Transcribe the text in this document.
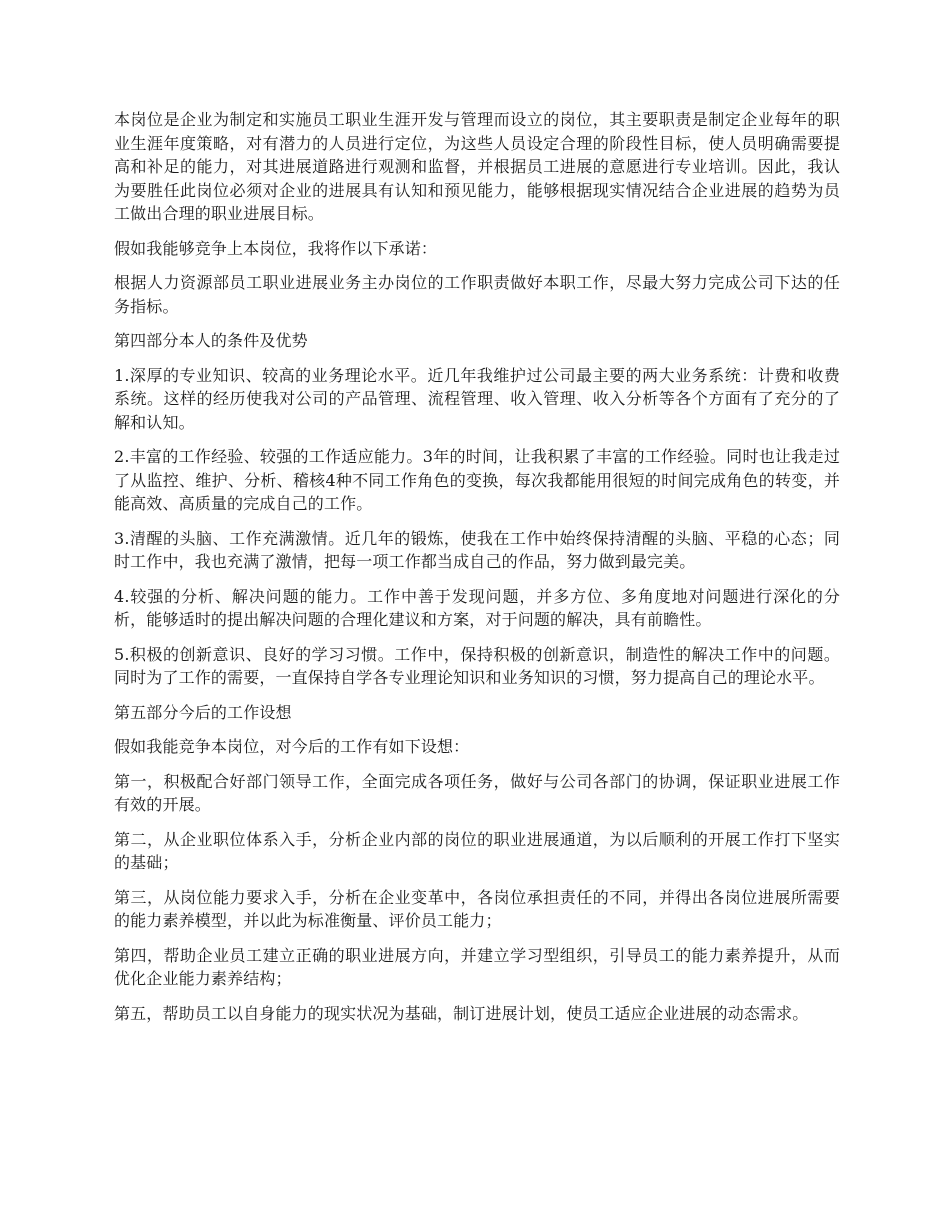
本岗位是企业为制定和实施员工职业生涯开发与管理而设立的岗位，其主要职责是制定企业每年的职业生涯年度策略，对有潜力的人员进行定位，为这些人员设定合理的阶段性目标，使人员明确需要提高和补足的能力，对其进展道路进行观测和监督，并根据员工进展的意愿进行专业培训。因此，我认为要胜任此岗位必须对企业的进展具有认知和预见能力，能够根据现实情况结合企业进展的趋势为员工做出合理的职业进展目标。

假如我能够竞争上本岗位，我将作以下承诺：

根据人力资源部员工职业进展业务主办岗位的工作职责做好本职工作，尽最大努力完成公司下达的任务指标。

第四部分本人的条件及优势

1.深厚的专业知识、较高的业务理论水平。近几年我维护过公司最主要的两大业务系统：计费和收费系统。这样的经历使我对公司的产品管理、流程管理、收入管理、收入分析等各个方面有了充分的了解和认知。

2.丰富的工作经验、较强的工作适应能力。3年的时间，让我积累了丰富的工作经验。同时也让我走过了从监控、维护、分析、稽核4种不同工作角色的变换，每次我都能用很短的时间完成角色的转变，并能高效、高质量的完成自己的工作。

3.清醒的头脑、工作充满激情。近几年的锻炼，使我在工作中始终保持清醒的头脑、平稳的心态；同时工作中，我也充满了激情，把每一项工作都当成自己的作品，努力做到最完美。

4.较强的分析、解决问题的能力。工作中善于发现问题，并多方位、多角度地对问题进行深化的分析，能够适时的提出解决问题的合理化建议和方案，对于问题的解决，具有前瞻性。

5.积极的创新意识、良好的学习习惯。工作中，保持积极的创新意识，制造性的解决工作中的问题。同时为了工作的需要，一直保持自学各专业理论知识和业务知识的习惯，努力提高自己的理论水平。

第五部分今后的工作设想

假如我能竞争本岗位，对今后的工作有如下设想：

第一，积极配合好部门领导工作，全面完成各项任务，做好与公司各部门的协调，保证职业进展工作有效的开展。

第二，从企业职位体系入手，分析企业内部的岗位的职业进展通道，为以后顺利的开展工作打下坚实的基础；

第三，从岗位能力要求入手，分析在企业变革中，各岗位承担责任的不同，并得出各岗位进展所需要的能力素养模型，并以此为标准衡量、评价员工能力；

第四，帮助企业员工建立正确的职业进展方向，并建立学习型组织，引导员工的能力素养提升，从而优化企业能力素养结构；

第五，帮助员工以自身能力的现实状况为基础，制订进展计划，使员工适应企业进展的动态需求。
